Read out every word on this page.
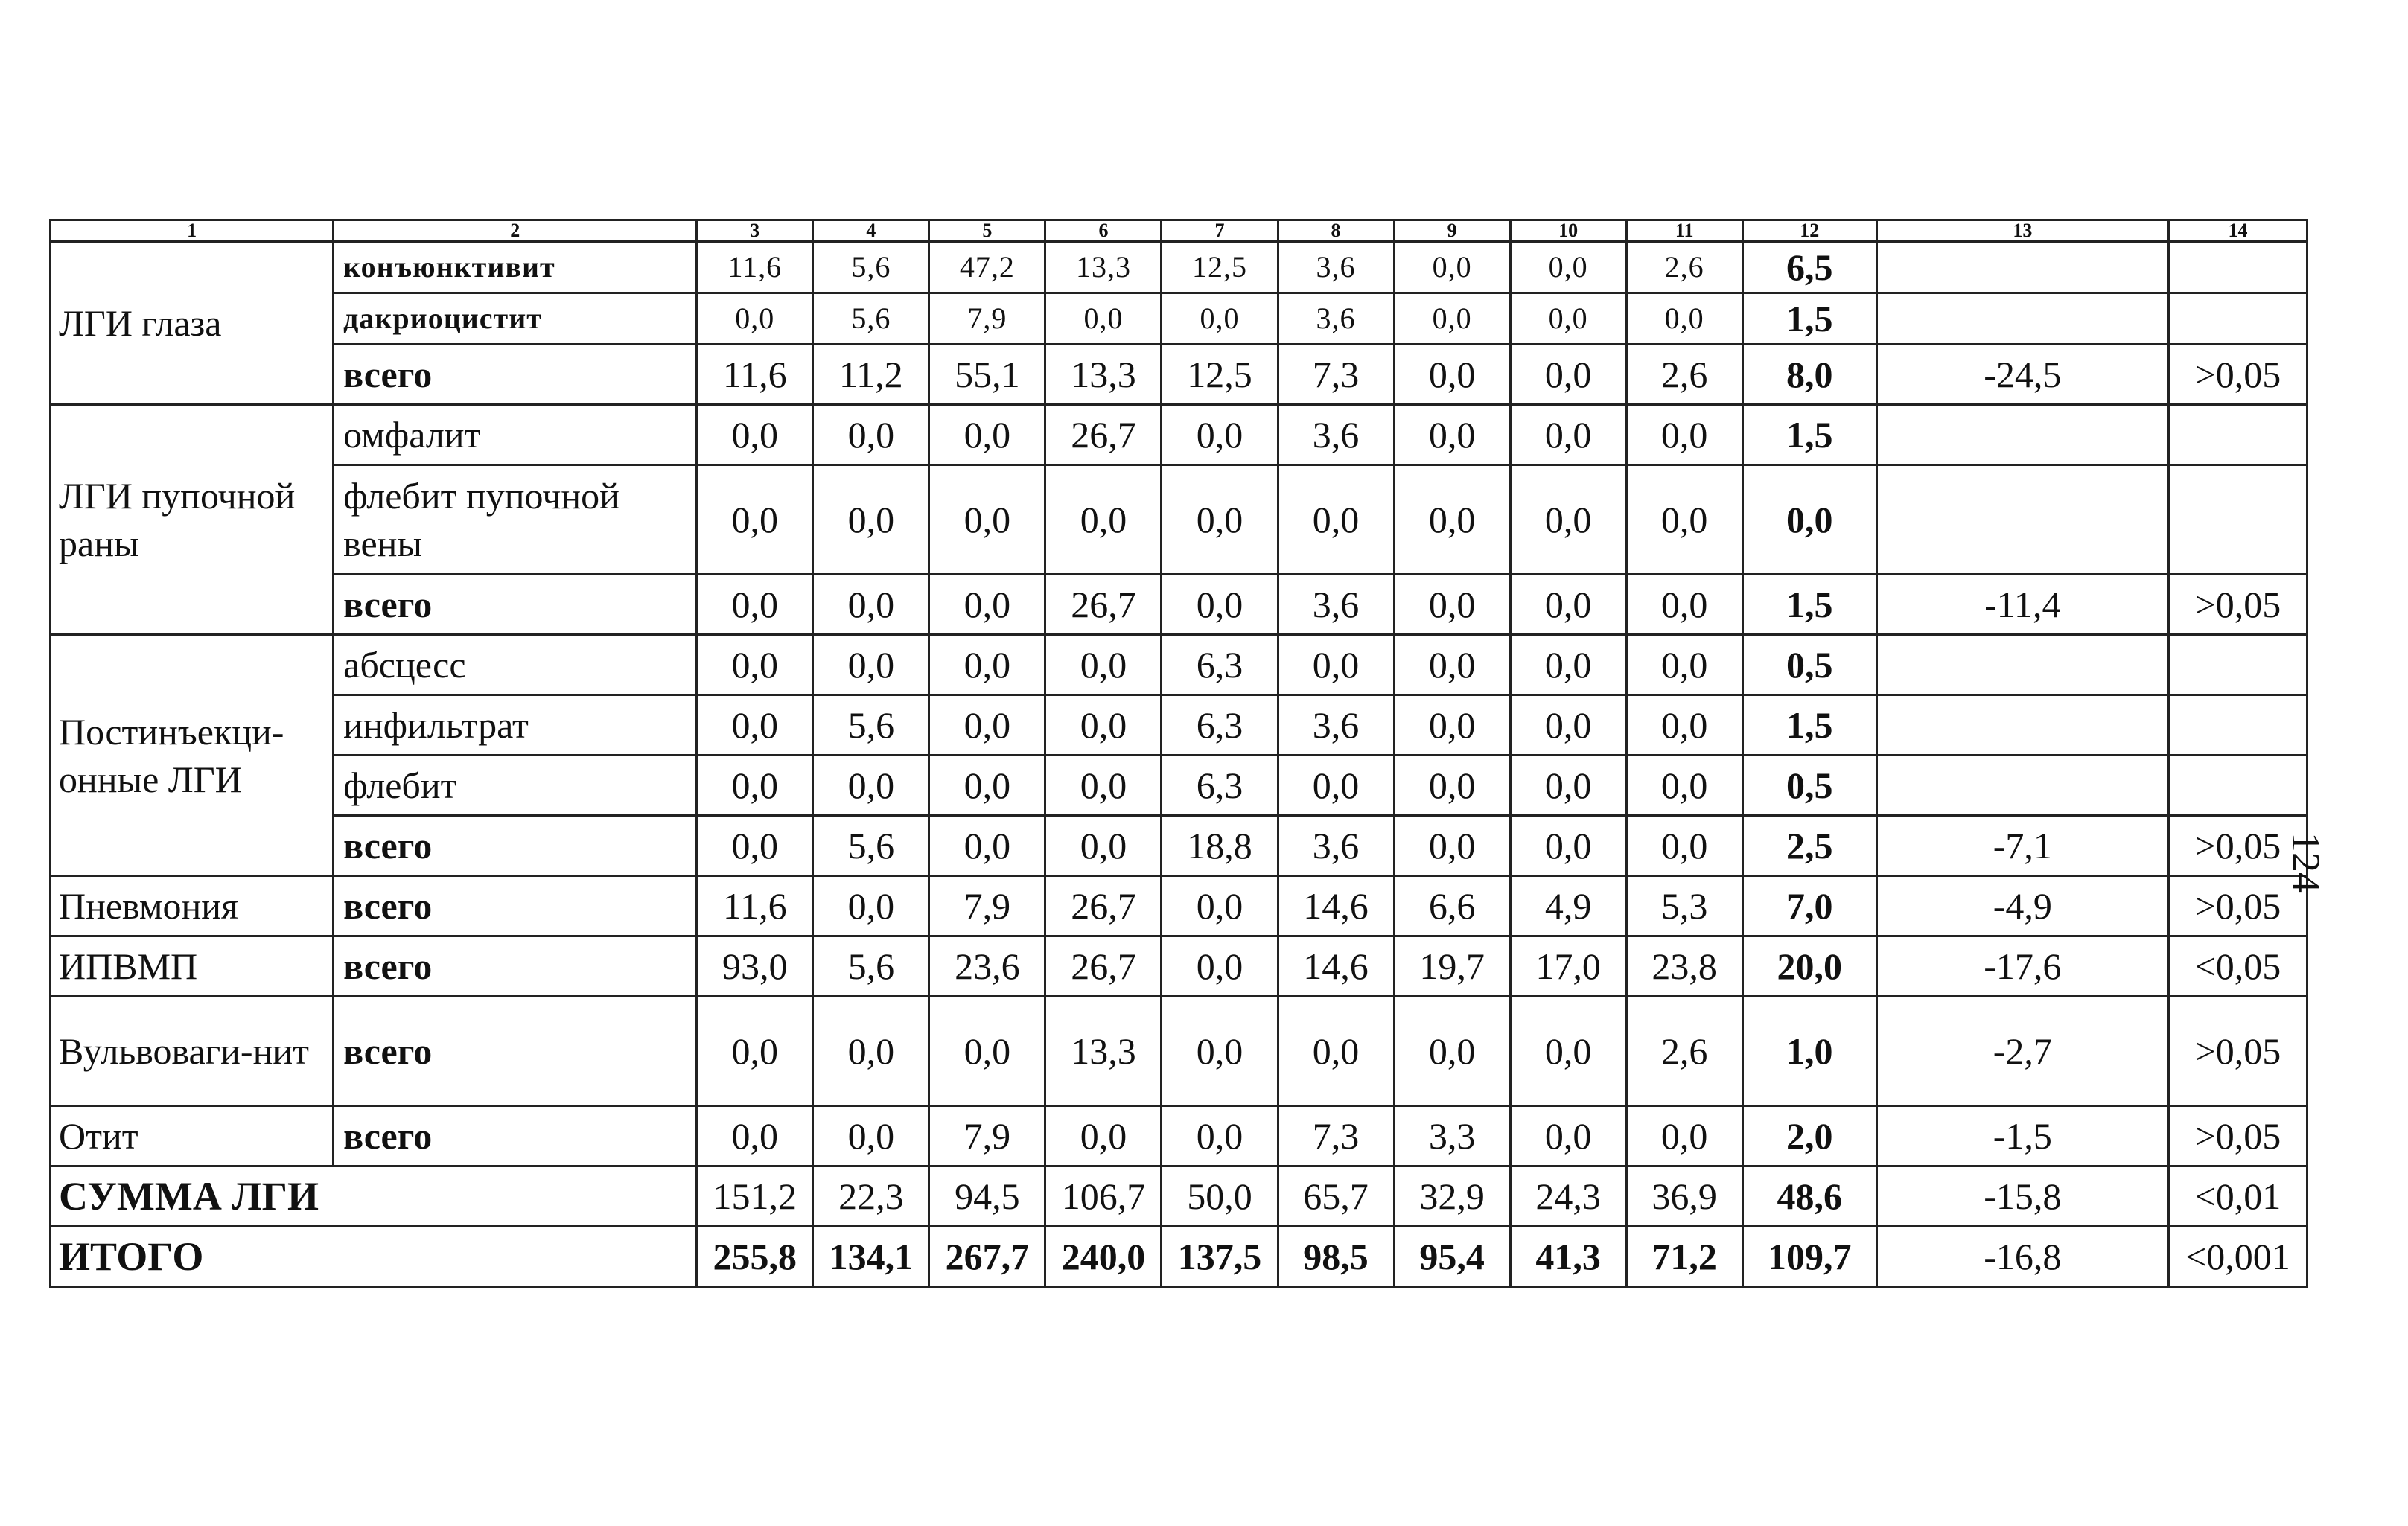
1	2	3	4	5	6	7	8	9	10	11	12	13	14
ЛГИ глаза	конъюнктивит	11,6	5,6	47,2	13,3	12,5	3,6	0,0	0,0	2,6	6,5		
	дакриоцистит	0,0	5,6	7,9	0,0	0,0	3,6	0,0	0,0	0,0	1,5		
	всего	11,6	11,2	55,1	13,3	12,5	7,3	0,0	0,0	2,6	8,0	-24,5	>0,05
ЛГИ пупочной раны	омфалит	0,0	0,0	0,0	26,7	0,0	3,6	0,0	0,0	0,0	1,5		
	флебит пупочной вены	0,0	0,0	0,0	0,0	0,0	0,0	0,0	0,0	0,0	0,0		
	всего	0,0	0,0	0,0	26,7	0,0	3,6	0,0	0,0	0,0	1,5	-11,4	>0,05
Постинъекци-онные ЛГИ	абсцесс	0,0	0,0	0,0	0,0	6,3	0,0	0,0	0,0	0,0	0,5		
	инфильтрат	0,0	5,6	0,0	0,0	6,3	3,6	0,0	0,0	0,0	1,5		
	флебит	0,0	0,0	0,0	0,0	6,3	0,0	0,0	0,0	0,0	0,5		
	всего	0,0	5,6	0,0	0,0	18,8	3,6	0,0	0,0	0,0	2,5	-7,1	>0,05
Пневмония	всего	11,6	0,0	7,9	26,7	0,0	14,6	6,6	4,9	5,3	7,0	-4,9	>0,05
ИПВМП	всего	93,0	5,6	23,6	26,7	0,0	14,6	19,7	17,0	23,8	20,0	-17,6	<0,05
Вульвоваги-нит	всего	0,0	0,0	0,0	13,3	0,0	0,0	0,0	0,0	2,6	1,0	-2,7	>0,05
Отит	всего	0,0	0,0	7,9	0,0	0,0	7,3	3,3	0,0	0,0	2,0	-1,5	>0,05
СУММА ЛГИ		151,2	22,3	94,5	106,7	50,0	65,7	32,9	24,3	36,9	48,6	-15,8	<0,01
ИТОГО		255,8	134,1	267,7	240,0	137,5	98,5	95,4	41,3	71,2	109,7	-16,8	<0,001
124
